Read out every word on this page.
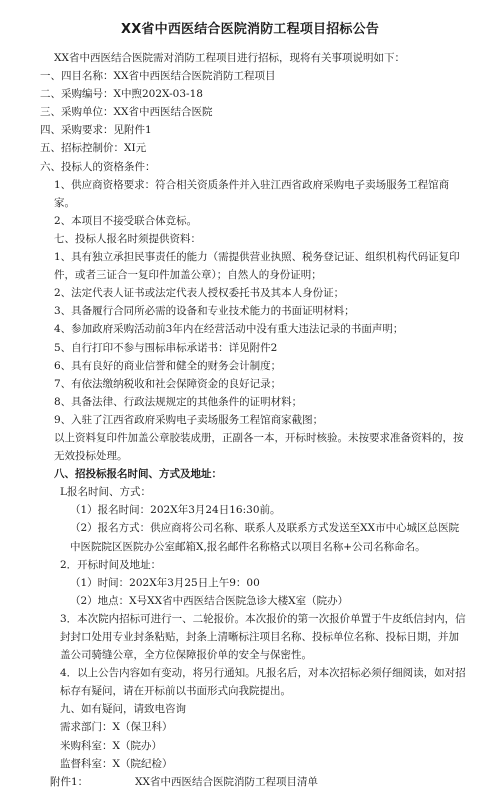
XX省中西医结合医院消防工程项目招标公告
XX省中西医结合医院需对消防工程项目进行招标，现将有关事项说明如下：
一、四目名称：XX省中西医结合医院消防工程项目
二、采购编号：X中煦202X-03-18
三、采购单位：XX省中西医结合医院
四、采购要求：见附件1
五、招标控制价：XI元
六、投标人的资格条件：
1、供应商资格要求：符合相关资质条件并入驻江西省政府采购电子卖场服务工程馆商家。
2、本项目不接受联合体竞标。
七、投标人报名时须提供资料：
1、具有独立承担民事责任的能力（需提供营业执照、税务登记证、组织机构代码证复印件，或者三证合一复印件加盖公章）；自然人的身份证明；
2、法定代表人证书或法定代表人授权委托书及其本人身份证；
3、具备履行合同所必需的设备和专业技术能力的书面证明材料；
4、参加政府采购活动前3年内在经营活动中没有重大违法记录的书面声明；
5、自行打印不参与围标串标承诺书：详见附件2
6、具有良好的商业信誉和健全的财务会计制度；
7、有依法缴纳税收和社会保障资金的良好记录；
8、具备法律、行政法规规定的其他条件的证明材料；
9、入驻了江西省政府采购电子卖场服务工程馆商家截图；
以上资料复印件加盖公章胶装成册，正副各一本，开标时核验。未按要求准备资料的，按无效投标处理。
八、招投标报名时间、方式及地址：
L报名时间、方式：
（1）报名时间：202X年3月24日16:30前。
（2）报名方式：供应商将公司名称、联系人及联系方式发送至XX市中心城区总医院中医院院区医院办公室邮箱X,报名邮件名称格式以项目名称+公司名称命名。
2．开标时间及地址：
（1）时间：202X年3月25日上午9：00
（2）地点：X号XX省中西医结合医院急诊大楼X室（院办）
3．本次院内招标可进行一、二轮报价。本次报价的第一次报价单置于牛皮纸信封内，信封封口处用专业封条粘贴，封条上清晰标注项目名称、投标单位名称、投标日期，并加盖公司骑缝公章，全方位保障报价单的安全与保密性。
4．以上公告内容如有变动，将另行通知。凡报名后，对本次招标必须仔细阅读，如对招标存有疑问，请在开标前以书面形式向我院提出。
九、如有疑问，请致电咨询
需求部门：X（保卫科）
米购科室：X（院办）
监督科室：X（院纪检）
附件1：	XX省中西医结合医院消防工程项目清单
